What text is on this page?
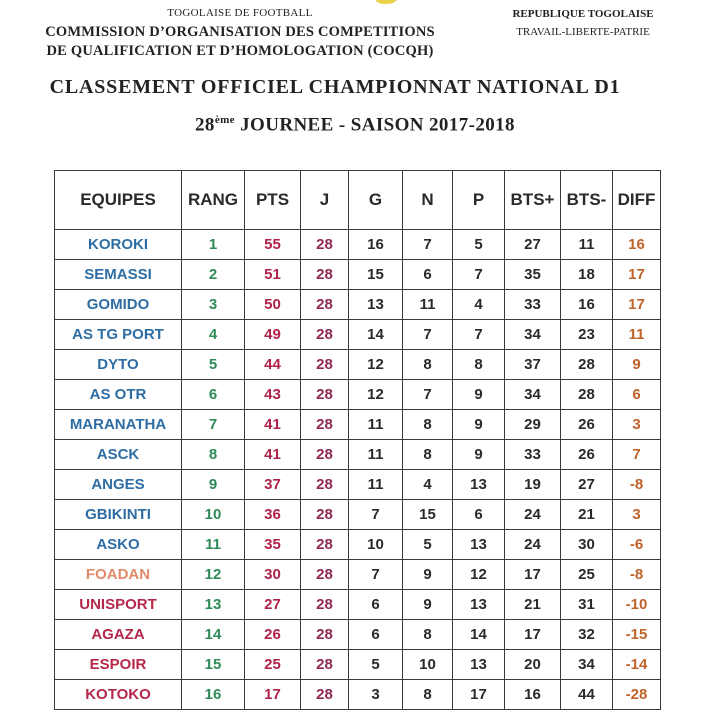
TOGOLAISE DE FOOTBALL
COMMISSION D’ORGANISATION DES COMPETITIONS
DE QUALIFICATION ET D’HOMOLOGATION (COCQH)
REPUBLIQUE TOGOLAISE
TRAVAIL-LIBERTE-PATRIE
CLASSEMENT OFFICIEL CHAMPIONNAT NATIONAL D1
28ème JOURNEE - SAISON 2017-2018
EQUIPES	RANG	PTS	J	G	N	P	BTS+	BTS-	DIFF
KOROKI	1	55	28	16	7	5	27	11	16
SEMASSI	2	51	28	15	6	7	35	18	17
GOMIDO	3	50	28	13	11	4	33	16	17
AS TG PORT	4	49	28	14	7	7	34	23	11
DYTO	5	44	28	12	8	8	37	28	9
AS OTR	6	43	28	12	7	9	34	28	6
MARANATHA	7	41	28	11	8	9	29	26	3
ASCK	8	41	28	11	8	9	33	26	7
ANGES	9	37	28	11	4	13	19	27	-8
GBIKINTI	10	36	28	7	15	6	24	21	3
ASKO	11	35	28	10	5	13	24	30	-6
FOADAN	12	30	28	7	9	12	17	25	-8
UNISPORT	13	27	28	6	9	13	21	31	-10
AGAZA	14	26	28	6	8	14	17	32	-15
ESPOIR	15	25	28	5	10	13	20	34	-14
KOTOKO	16	17	28	3	8	17	16	44	-28
